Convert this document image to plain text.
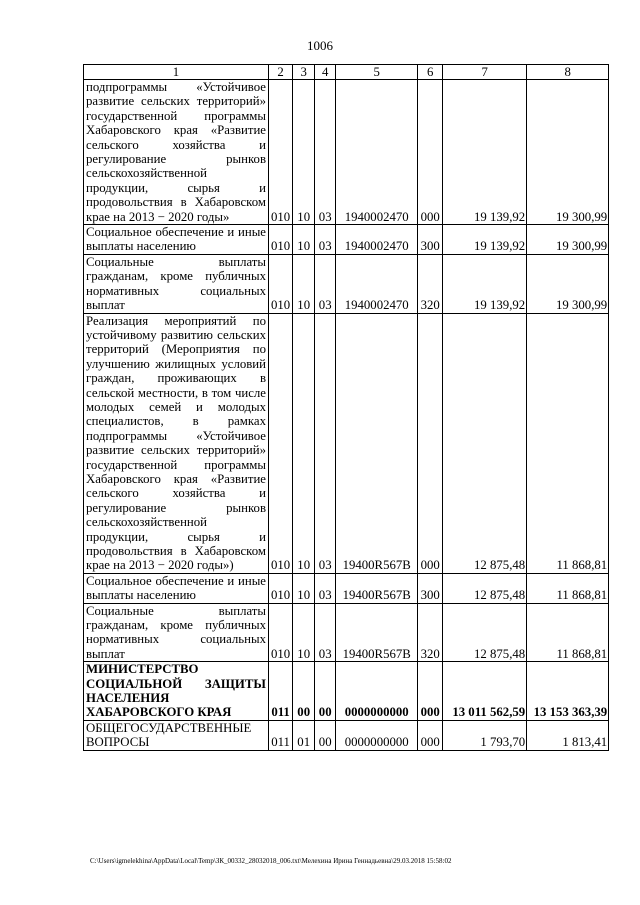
1006
1	2	3	4	5	6	7	8
подпрограммы «Устойчивое развитие сельских территорий» государственной программы Хабаровского края «Развитие сельского хозяйства и регулирование рынков сельскохозяйственной продукции, сырья и продовольствия в Хабаровском крае на 2013 − 2020 годы»	010	10	03	1940002470	000	19 139,92	19 300,99
Социальное обеспечение и иные выплаты населению	010	10	03	1940002470	300	19 139,92	19 300,99
Социальные выплаты гражданам, кроме публичных нормативных социальных выплат	010	10	03	1940002470	320	19 139,92	19 300,99
Реализация мероприятий по устойчивому развитию сельских территорий (Мероприятия по улучшению жилищных условий граждан, проживающих в сельской местности, в том числе молодых семей и молодых специалистов, в рамках подпрограммы «Устойчивое развитие сельских территорий» государственной программы Хабаровского края «Развитие сельского хозяйства и регулирование рынков сельскохозяйственной продукции, сырья и продовольствия в Хабаровском крае на 2013 − 2020 годы»)	010	10	03	19400R567B	000	12 875,48	11 868,81
Социальное обеспечение и иные выплаты населению	010	10	03	19400R567B	300	12 875,48	11 868,81
Социальные выплаты гражданам, кроме публичных нормативных социальных выплат	010	10	03	19400R567B	320	12 875,48	11 868,81
МИНИСТЕРСТВО СОЦИАЛЬНОЙ ЗАЩИТЫ НАСЕЛЕНИЯ ХАБАРОВСКОГО КРАЯ	011	00	00	0000000000	000	13 011 562,59	13 153 363,39
ОБЩЕГОСУДАРСТВЕННЫЕ ВОПРОСЫ	011	01	00	0000000000	000	1 793,70	1 813,41
C:\Users\igmelekhina\AppData\Local\Temp\ЗК_00332_28032018_006.txt\Мелехина Ирина Геннадьевна\29.03.2018 15:58:02
